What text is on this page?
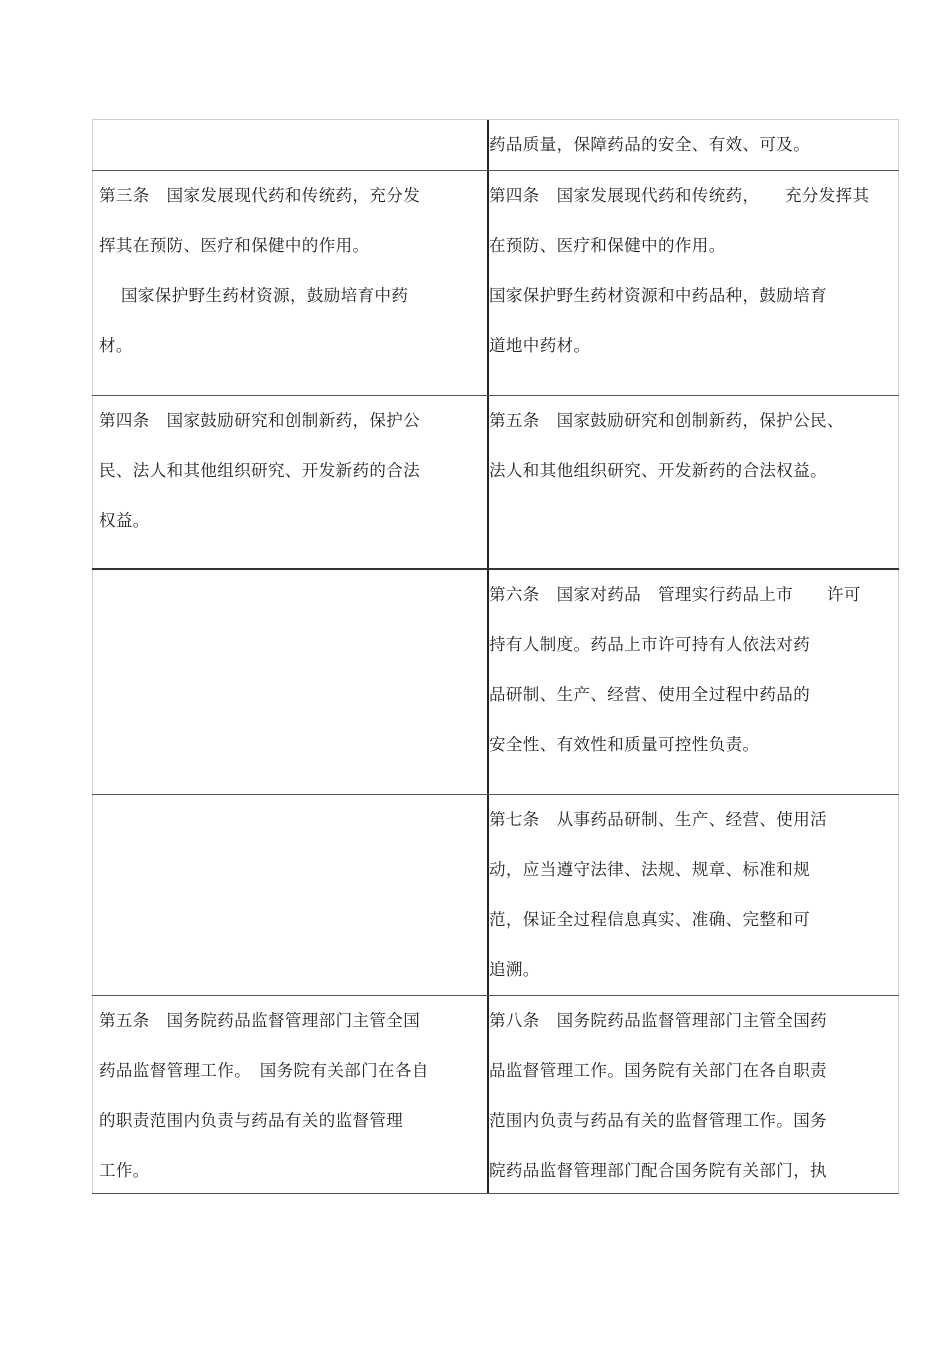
药品质量，保障药品的安全、有效、可及。
第三条　国家发展现代药和传统药，充分发
挥其在预防、医疗和保健中的作用。
国家保护野生药材资源，鼓励培育中药
材。
第四条　国家发展现代药和传统药，　　充分发挥其
在预防、医疗和保健中的作用。
国家保护野生药材资源和中药品种，鼓励培育
道地中药材。
第四条　国家鼓励研究和创制新药，保护公
民、法人和其他组织研究、开发新药的合法
权益。
第五条　国家鼓励研究和创制新药，保护公民、
法人和其他组织研究、开发新药的合法权益。
第六条　国家对药品　管理实行药品上市　　许可
持有人制度。药品上市许可持有人依法对药
品研制、生产、经营、使用全过程中药品的
安全性、有效性和质量可控性负责。
第七条　从事药品研制、生产、经营、使用活
动，应当遵守法律、法规、规章、标准和规
范，保证全过程信息真实、准确、完整和可
追溯。
第五条　国务院药品监督管理部门主管全国
药品监督管理工作。　国务院有关部门在各自
的职责范围内负责与药品有关的监督管理
工作。
第八条　国务院药品监督管理部门主管全国药
品监督管理工作。国务院有关部门在各自职责
范围内负责与药品有关的监督管理工作。国务
院药品监督管理部门配合国务院有关部门，执
